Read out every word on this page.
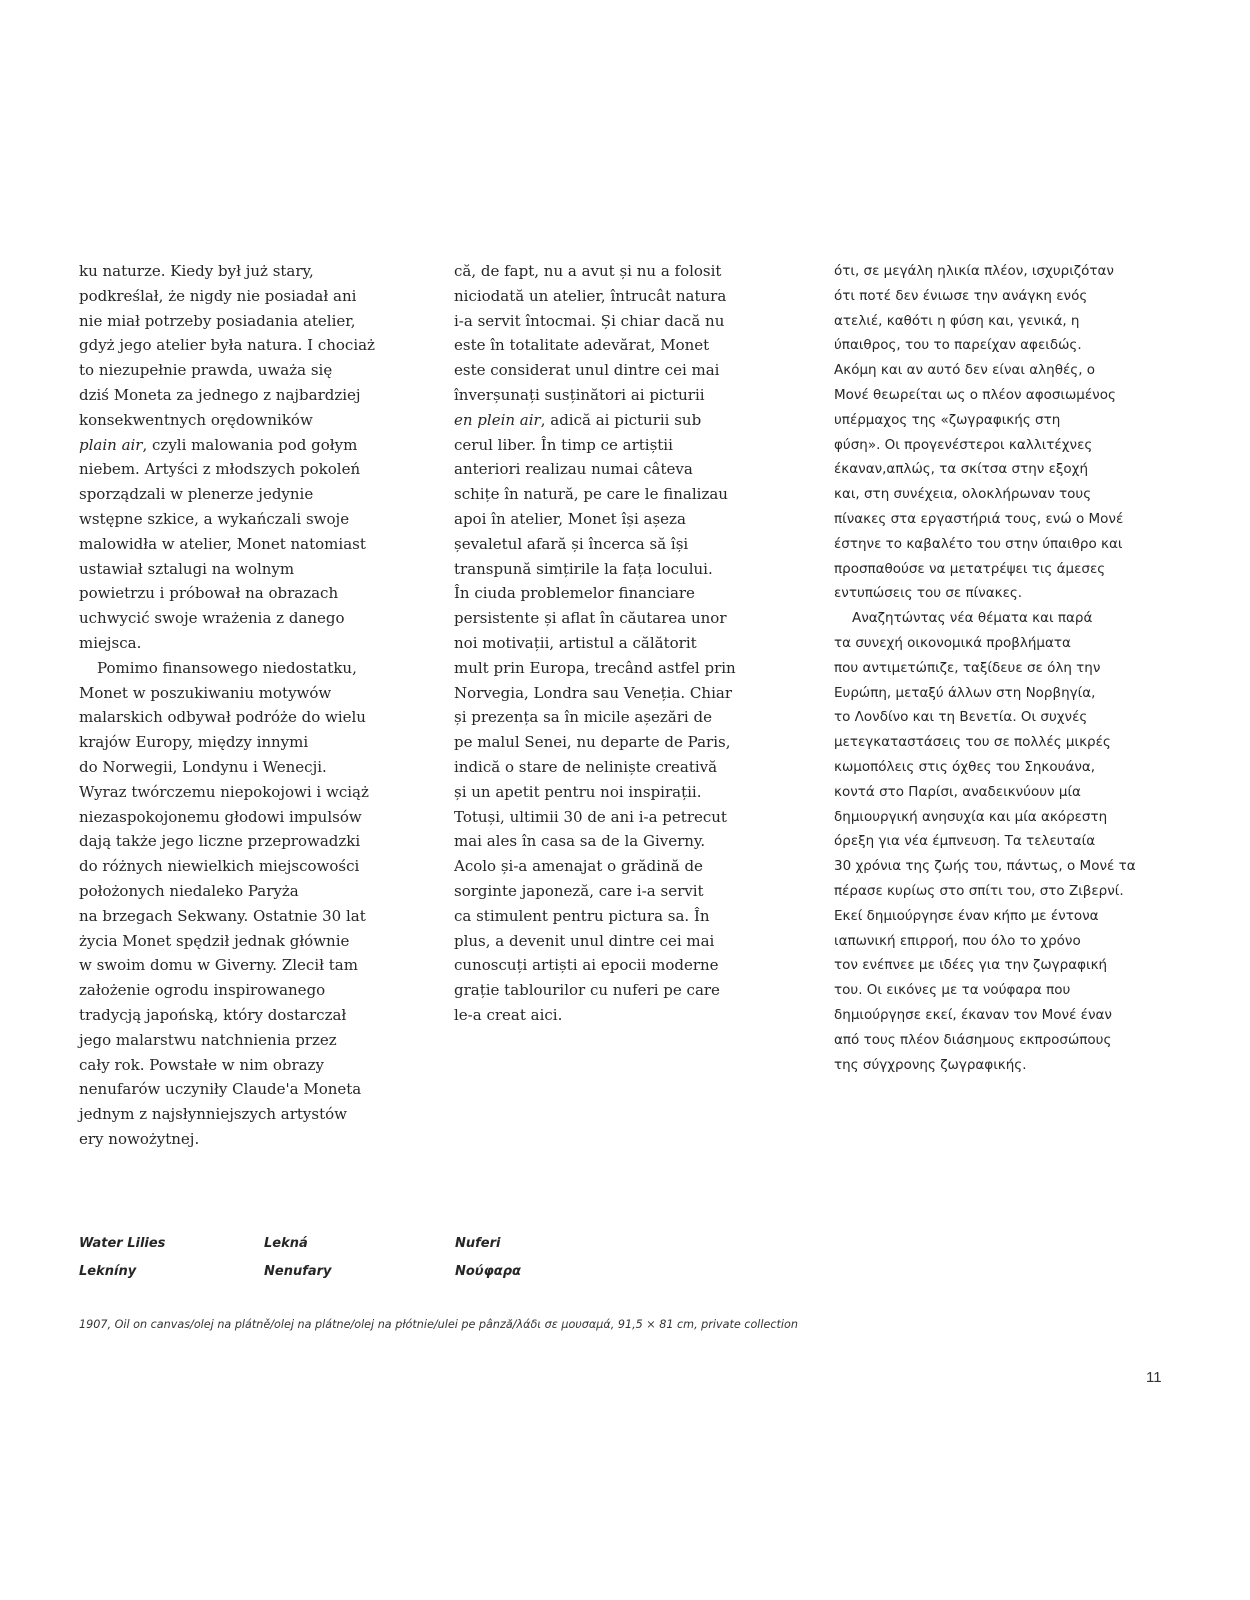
ku naturze. Kiedy był już stary,
podkreślał, że nigdy nie posiadał ani
nie miał potrzeby posiadania atelier,
gdyż jego atelier była natura. I chociaż
to niezupełnie prawda, uważa się
dziś Moneta za jednego z najbardziej
konsekwentnych orędowników
plain air, czyli malowania pod gołym
niebem. Artyści z młodszych pokoleń
sporządzali w plenerze jedynie
wstępne szkice, a wykańczali swoje
malowidła w atelier, Monet natomiast
ustawiał sztalugi na wolnym
powietrzu i próbował na obrazach
uchwycić swoje wrażenia z danego
miejsca.
Pomimo finansowego niedostatku,
Monet w poszukiwaniu motywów
malarskich odbywał podróże do wielu
krajów Europy, między innymi
do Norwegii, Londynu i Wenecji.
Wyraz twórczemu niepokojowi i wciąż
niezaspokojonemu głodowi impulsów
dają także jego liczne przeprowadzki
do różnych niewielkich miejscowości
położonych niedaleko Paryża
na brzegach Sekwany. Ostatnie 30 lat
życia Monet spędził jednak głównie
w swoim domu w Giverny. Zlecił tam
założenie ogrodu inspirowanego
tradycją japońską, który dostarczał
jego malarstwu natchnienia przez
cały rok. Powstałe w nim obrazy
nenufarów uczyniły Claude'a Moneta
jednym z najsłynniejszych artystów
ery nowożytnej.
că, de fapt, nu a avut și nu a folosit
niciodată un atelier, întrucât natura
i-a servit întocmai. Și chiar dacă nu
este în totalitate adevărat, Monet
este considerat unul dintre cei mai
înverșunați susținători ai picturii
en plein air, adică ai picturii sub
cerul liber. În timp ce artiștii
anteriori realizau numai câteva
schițe în natură, pe care le finalizau
apoi în atelier, Monet își așeza
șevaletul afară și încerca să își
transpună simțirile la fața locului.
În ciuda problemelor financiare
persistente și aflat în căutarea unor
noi motivații, artistul a călătorit
mult prin Europa, trecând astfel prin
Norvegia, Londra sau Veneția. Chiar
și prezența sa în micile așezări de
pe malul Senei, nu departe de Paris,
indică o stare de neliniște creativă
și un apetit pentru noi inspirații.
Totuși, ultimii 30 de ani i-a petrecut
mai ales în casa sa de la Giverny.
Acolo și-a amenajat o grădină de
sorginte japoneză, care i-a servit
ca stimulent pentru pictura sa. În
plus, a devenit unul dintre cei mai
cunoscuți artiști ai epocii moderne
grație tablourilor cu nuferi pe care
le-a creat aici.
ότι, σε μεγάλη ηλικία πλέον, ισχυριζόταν
ότι ποτέ δεν ένιωσε την ανάγκη ενός
ατελιέ, καθότι η φύση και, γενικά, η
ύπαιθρος, του το παρείχαν αφειδώς.
Ακόμη και αν αυτό δεν είναι αληθές, ο
Μονέ θεωρείται ως ο πλέον αφοσιωμένος
υπέρμαχος της «ζωγραφικής στη
φύση». Οι προγενέστεροι καλλιτέχνες
έκαναν,απλώς, τα σκίτσα στην εξοχή
και, στη συνέχεια, ολοκλήρωναν τους
πίνακες στα εργαστήριά τους, ενώ ο Μονέ
έστηνε το καβαλέτο του στην ύπαιθρο και
προσπαθούσε να μετατρέψει τις άμεσες
εντυπώσεις του σε πίνακες.
Αναζητώντας νέα θέματα και παρά
τα συνεχή οικονομικά προβλήματα
που αντιμετώπιζε, ταξίδευε σε όλη την
Ευρώπη, μεταξύ άλλων στη Νορβηγία,
το Λονδίνο και τη Βενετία. Οι συχνές
μετεγκαταστάσεις του σε πολλές μικρές
κωμοπόλεις στις όχθες του Σηκουάνα,
κοντά στο Παρίσι, αναδεικνύουν μία
δημιουργική ανησυχία και μία ακόρεστη
όρεξη για νέα έμπνευση. Τα τελευταία
30 χρόνια της ζωής του, πάντως, ο Μονέ τα
πέρασε κυρίως στο σπίτι του, στο Ζιβερνί.
Εκεί δημιούργησε έναν κήπο με έντονα
ιαπωνική επιρροή, που όλο το χρόνο
τον ενέπνεε με ιδέες για την ζωγραφική
του. Οι εικόνες με τα νούφαρα που
δημιούργησε εκεί, έκαναν τον Μονέ έναν
από τους πλέον διάσημους εκπροσώπους
της σύγχρονης ζωγραφικής.
Water Lilies	Lekná	Nuferi
Lekníny	Nenufary	Νούφαρα
1907, Oil on canvas/olej na plátně/olej na plátne/olej na płótnie/ulei pe pânză/λάδι σε μουσαμά, 91,5 × 81 cm, private collection
11
